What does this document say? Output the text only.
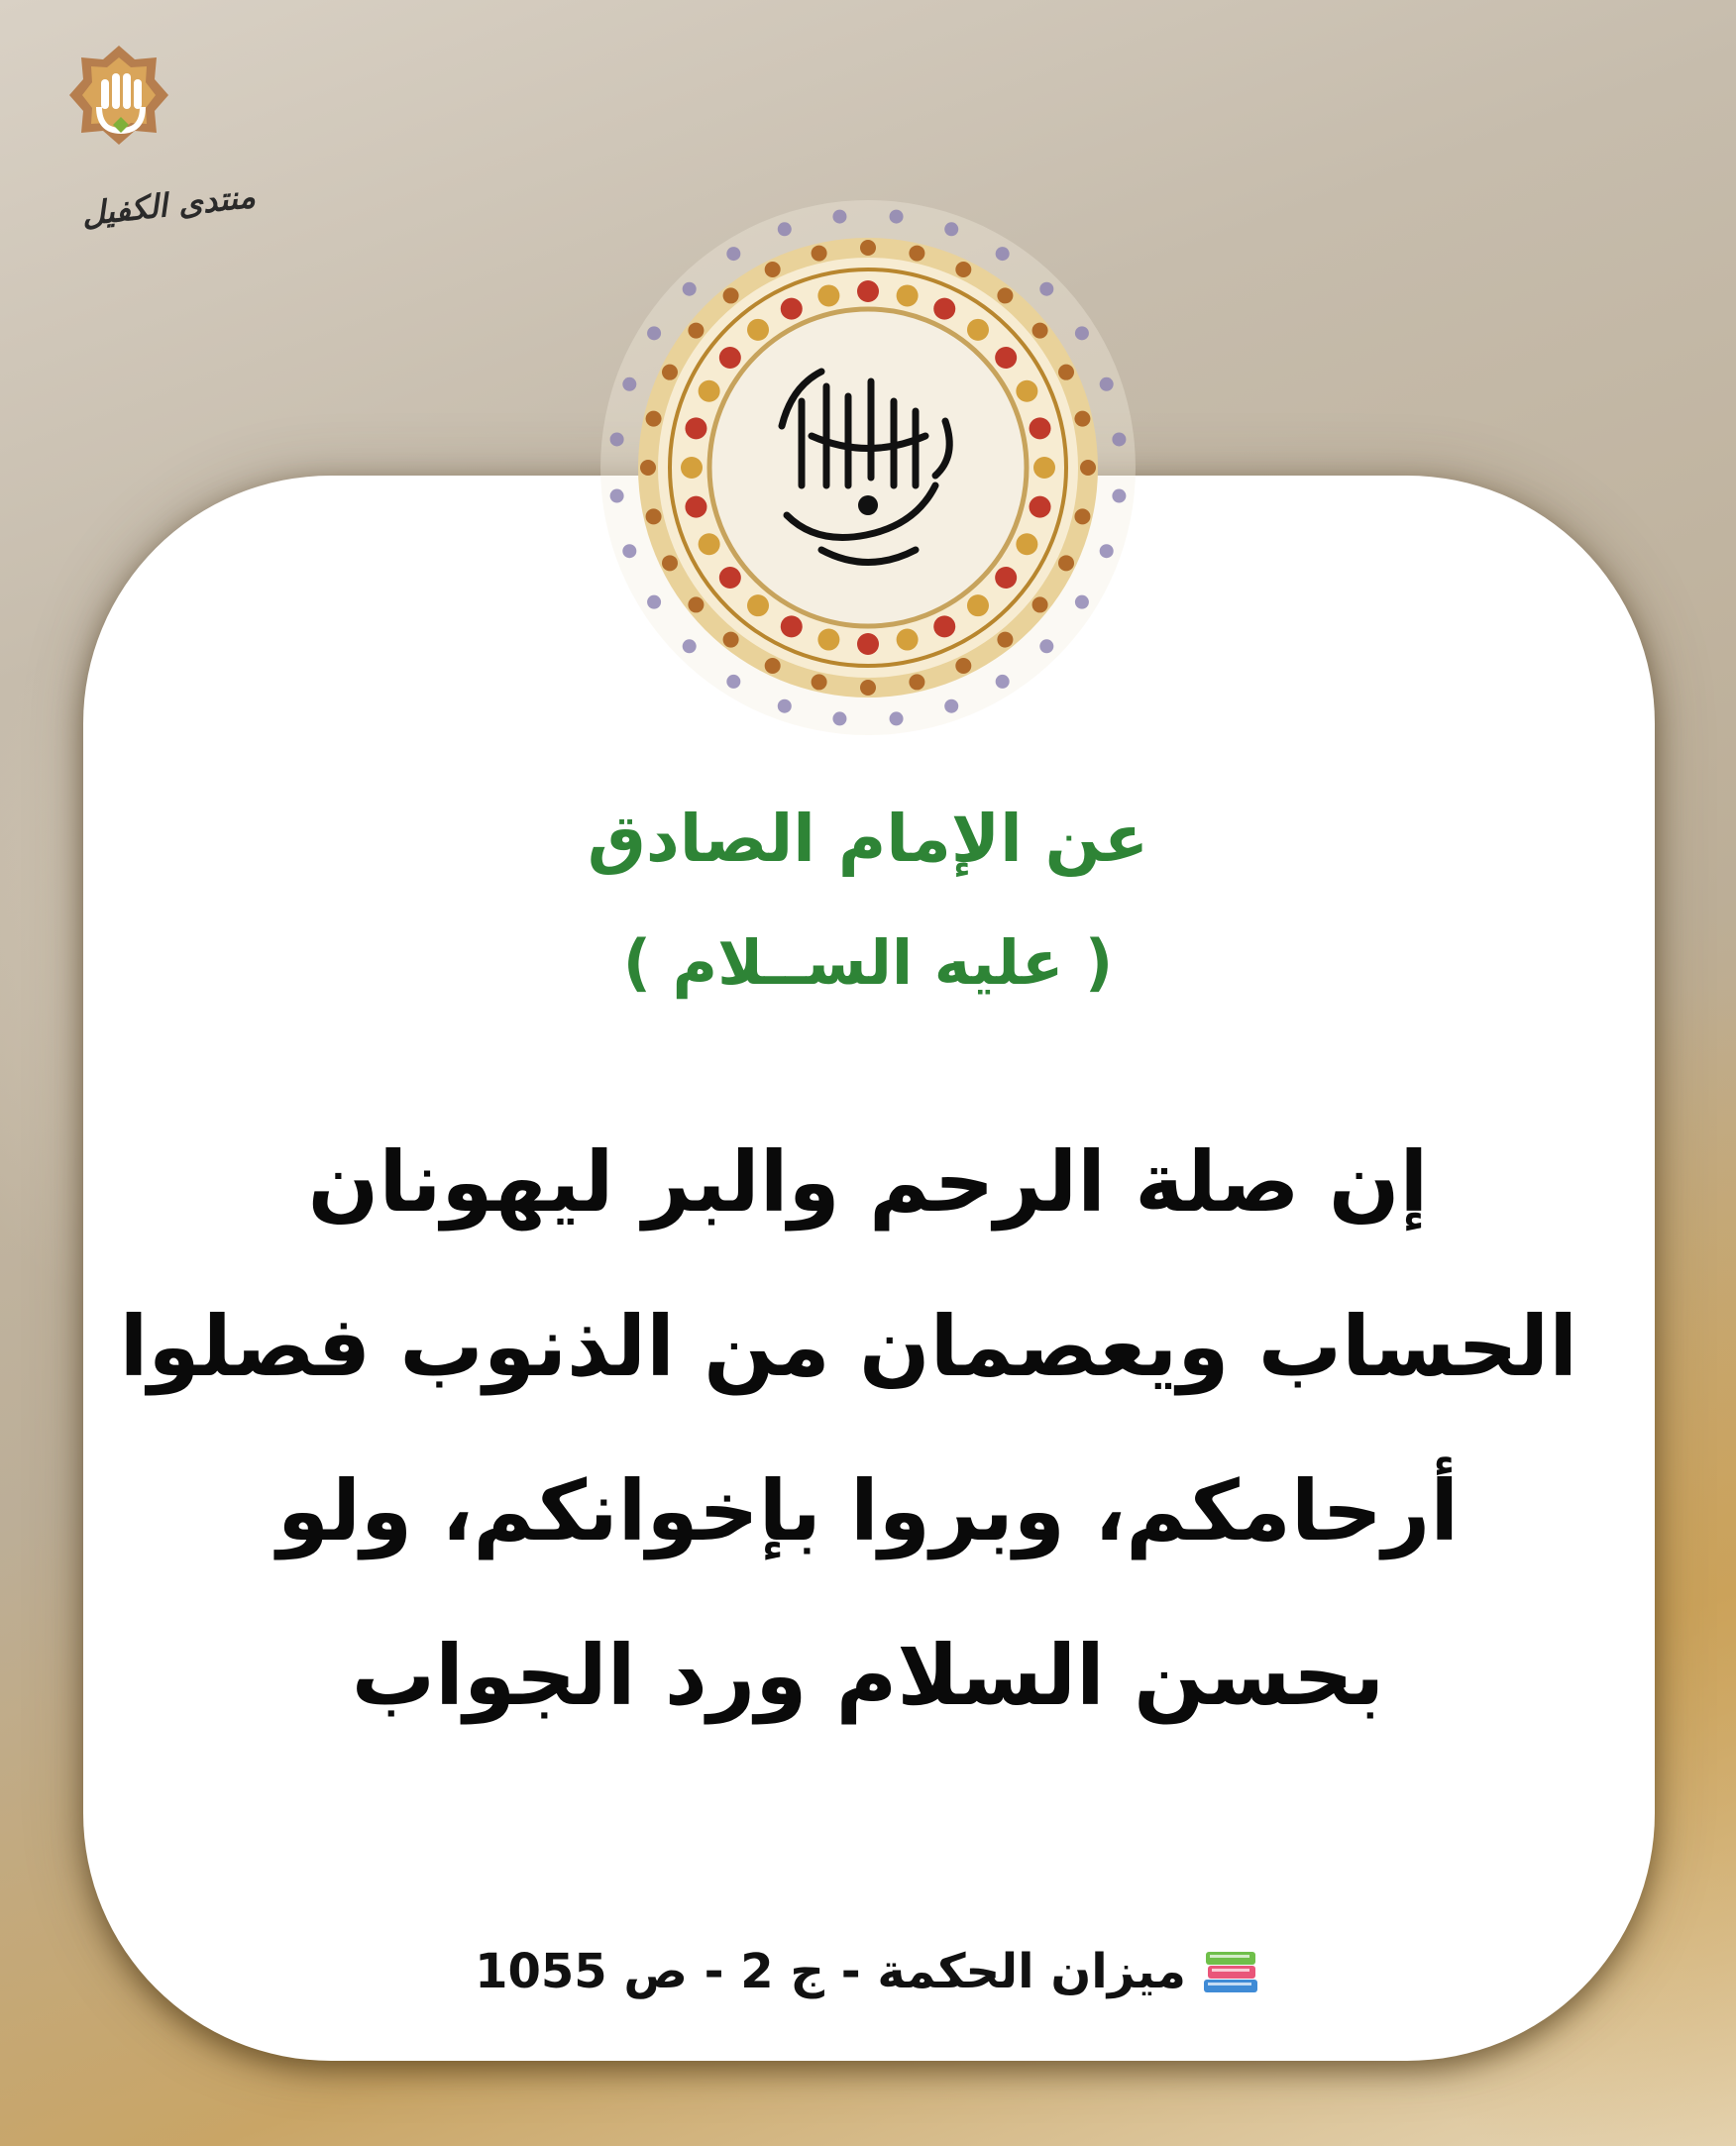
منتدى الكفيل
عن الإمام الصادق
( عليه الســلام )
إن صلة الرحم والبر ليهونان
الحساب ويعصمان من الذنوب فصلوا
أرحامكم، وبروا بإخوانكم، ولو
بحسن السلام ورد الجواب
ميزان الحكمة - ج 2 - ص 1055
